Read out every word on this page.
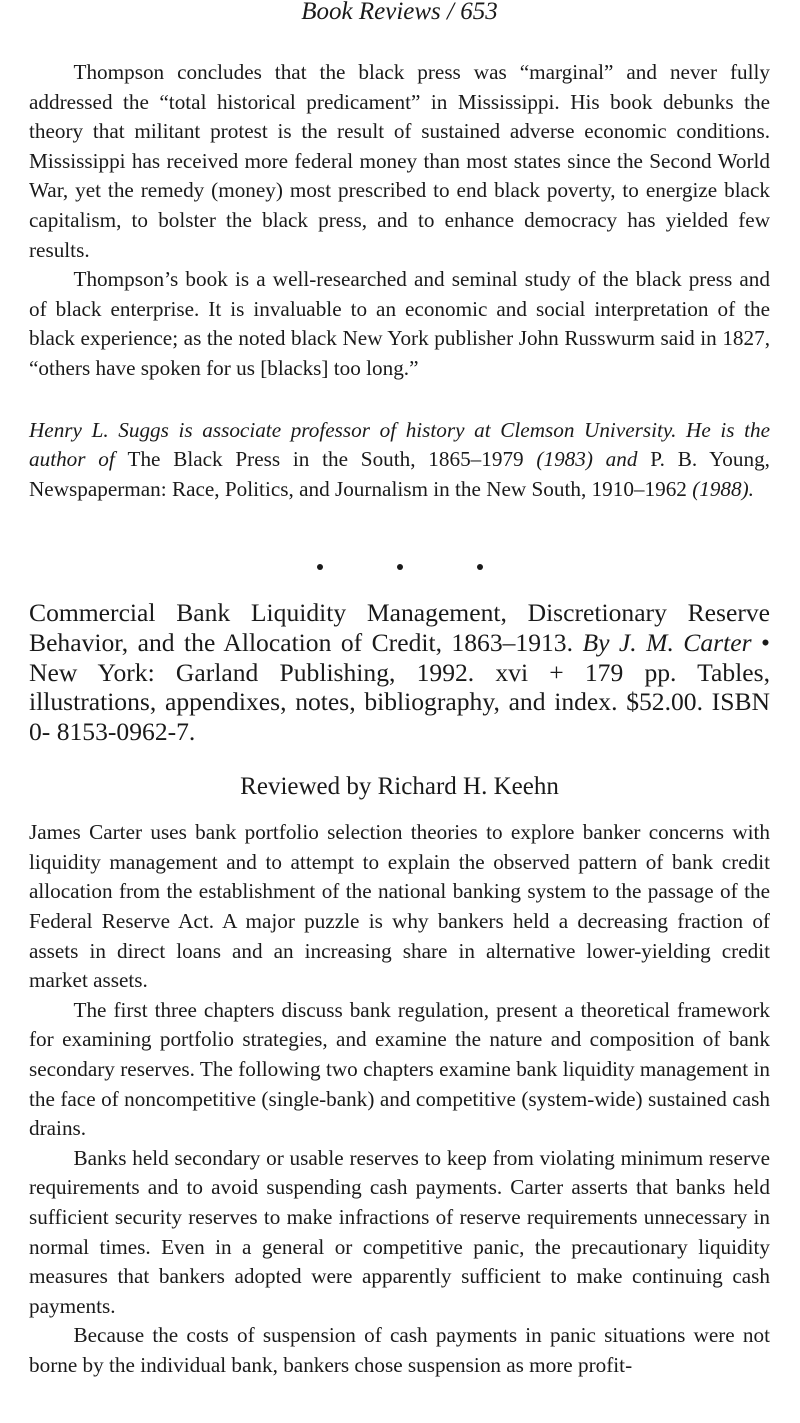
Book Reviews / 653

Thompson concludes that the black press was “marginal” and never fully addressed the “total historical predicament” in Mississippi. His book debunks the theory that militant protest is the result of sustained adverse economic conditions. Mississippi has received more federal money than most states since the Second World War, yet the remedy (money) most prescribed to end black poverty, to energize black capitalism, to bolster the black press, and to enhance democracy has yielded few results.

Thompson’s book is a well-researched and seminal study of the black press and of black enterprise. It is invaluable to an economic and social interpretation of the black experience; as the noted black New York publisher John Russwurm said in 1827, “others have spoken for us [blacks] too long.”

Henry L. Suggs is associate professor of history at Clemson University. He is the author of The Black Press in the South, 1865–1979 (1983) and P. B. Young, Newspaperman: Race, Politics, and Journalism in the New South, 1910–1962 (1988).

Commercial Bank Liquidity Management, Discretionary Reserve Behavior, and the Allocation of Credit, 1863–1913. By J. M. Carter • New York: Garland Publishing, 1992. xvi + 179 pp. Tables, illustrations, appendixes, notes, bibliography, and index. $52.00. ISBN 0- 8153-0962-7.

Reviewed by Richard H. Keehn

James Carter uses bank portfolio selection theories to explore banker concerns with liquidity management and to attempt to explain the observed pattern of bank credit allocation from the establishment of the national banking system to the passage of the Federal Reserve Act. A major puzzle is why bankers held a decreasing fraction of assets in direct loans and an increasing share in alternative lower-yielding credit market assets.

The first three chapters discuss bank regulation, present a theoretical framework for examining portfolio strategies, and examine the nature and composition of bank secondary reserves. The following two chapters examine bank liquidity management in the face of noncompetitive (single-bank) and competitive (system-wide) sustained cash drains.

Banks held secondary or usable reserves to keep from violating minimum reserve requirements and to avoid suspending cash payments. Carter asserts that banks held sufficient security reserves to make infractions of reserve requirements unnecessary in normal times. Even in a general or competitive panic, the precautionary liquidity measures that bankers adopted were apparently sufficient to make continuing cash payments.

Because the costs of suspension of cash payments in panic situations were not borne by the individual bank, bankers chose suspension as more profit-
